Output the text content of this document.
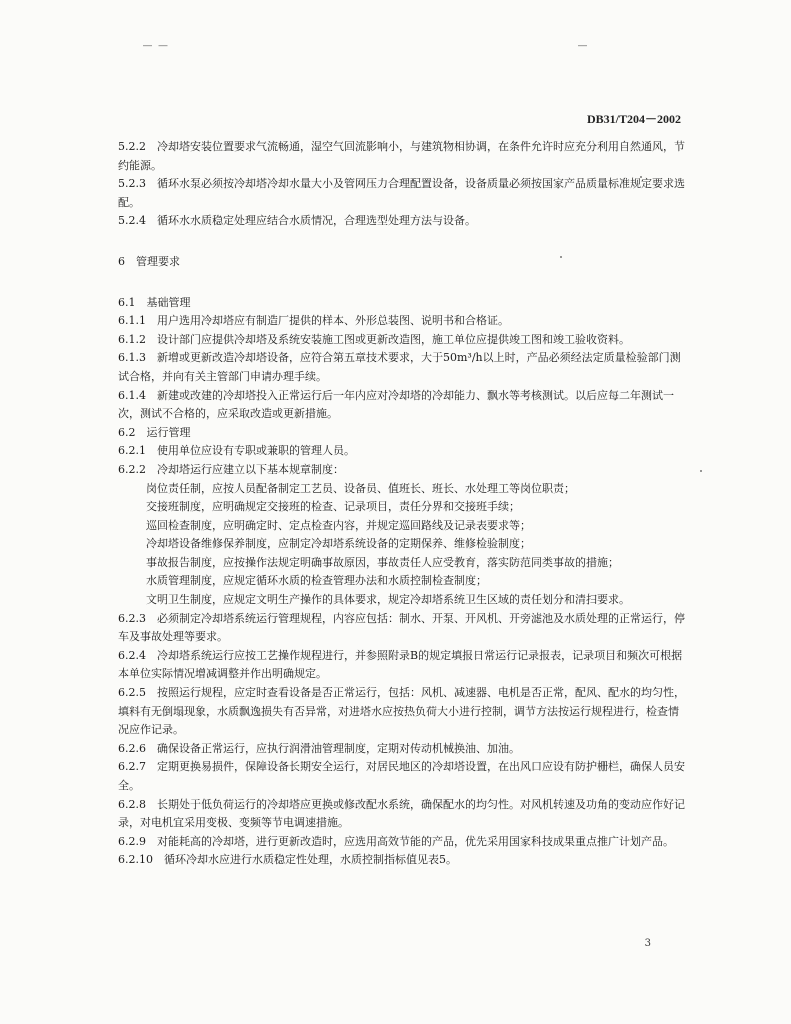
— —	—
DB31/T204－2002

5.2.2　冷却塔安装位置要求气流畅通，湿空气回流影响小，与建筑物相协调，在条件允许时应充分利用自然通风，节约能源。

5.2.3　循环水泵必须按冷却塔冷却水量大小及管网压力合理配置设备，设备质量必须按国家产品质量标准规定要求选配。

5.2.4　循环水水质稳定处理应结合水质情况，合理选型处理方法与设备。

6　管理要求

6.1　基础管理

6.1.1　用户选用冷却塔应有制造厂提供的样本、外形总装图、说明书和合格证。

6.1.2　设计部门应提供冷却塔及系统安装施工图或更新改造图，施工单位应提供竣工图和竣工验收资料。

6.1.3　新增或更新改造冷却塔设备，应符合第五章技术要求，大于50m³/h以上时，产品必须经法定质量检验部门测试合格，并向有关主管部门申请办理手续。

6.1.4　新建或改建的冷却塔投入正常运行后一年内应对冷却塔的冷却能力、飘水等考核测试。以后应每二年测试一次，测试不合格的，应采取改造或更新措施。

6.2　运行管理

6.2.1　使用单位应设有专职或兼职的管理人员。

6.2.2　冷却塔运行应建立以下基本规章制度：

岗位责任制，应按人员配备制定工艺员、设备员、值班长、班长、水处理工等岗位职责；

交接班制度，应明确规定交接班的检查、记录项目，责任分界和交接班手续；

巡回检查制度，应明确定时、定点检查内容，并规定巡回路线及记录表要求等；

冷却塔设备维修保养制度，应制定冷却塔系统设备的定期保养、维修检验制度；

事故报告制度，应按操作法规定明确事故原因，事故责任人应受教育，落实防范同类事故的措施；

水质管理制度，应规定循环水质的检查管理办法和水质控制检查制度；

文明卫生制度，应规定文明生产操作的具体要求，规定冷却塔系统卫生区域的责任划分和清扫要求。

6.2.3　必须制定冷却塔系统运行管理规程，内容应包括：制水、开泵、开风机、开旁滤池及水质处理的正常运行，停车及事故处理等要求。

6.2.4　冷却塔系统运行应按工艺操作规程进行，并参照附录B的规定填报日常运行记录报表，记录项目和频次可根据本单位实际情况增减调整并作出明确规定。

6.2.5　按照运行规程，应定时查看设备是否正常运行，包括：风机、减速器、电机是否正常，配风、配水的均匀性，填料有无倒塌现象，水质飘逸损失有否异常，对进塔水应按热负荷大小进行控制，调节方法按运行规程进行，检查情况应作记录。

6.2.6　确保设备正常运行，应执行润滑油管理制度，定期对传动机械换油、加油。

6.2.7　定期更换易损件，保障设备长期安全运行，对居民地区的冷却塔设置，在出风口应设有防护栅栏，确保人员安全。

6.2.8　长期处于低负荷运行的冷却塔应更换或修改配水系统，确保配水的均匀性。对风机转速及功角的变动应作好记录，对电机宜采用变极、变频等节电调速措施。

6.2.9　对能耗高的冷却塔，进行更新改造时，应选用高效节能的产品，优先采用国家科技成果重点推广计划产品。

6.2.10　循环冷却水应进行水质稳定性处理，水质控制指标值见表5。

3
